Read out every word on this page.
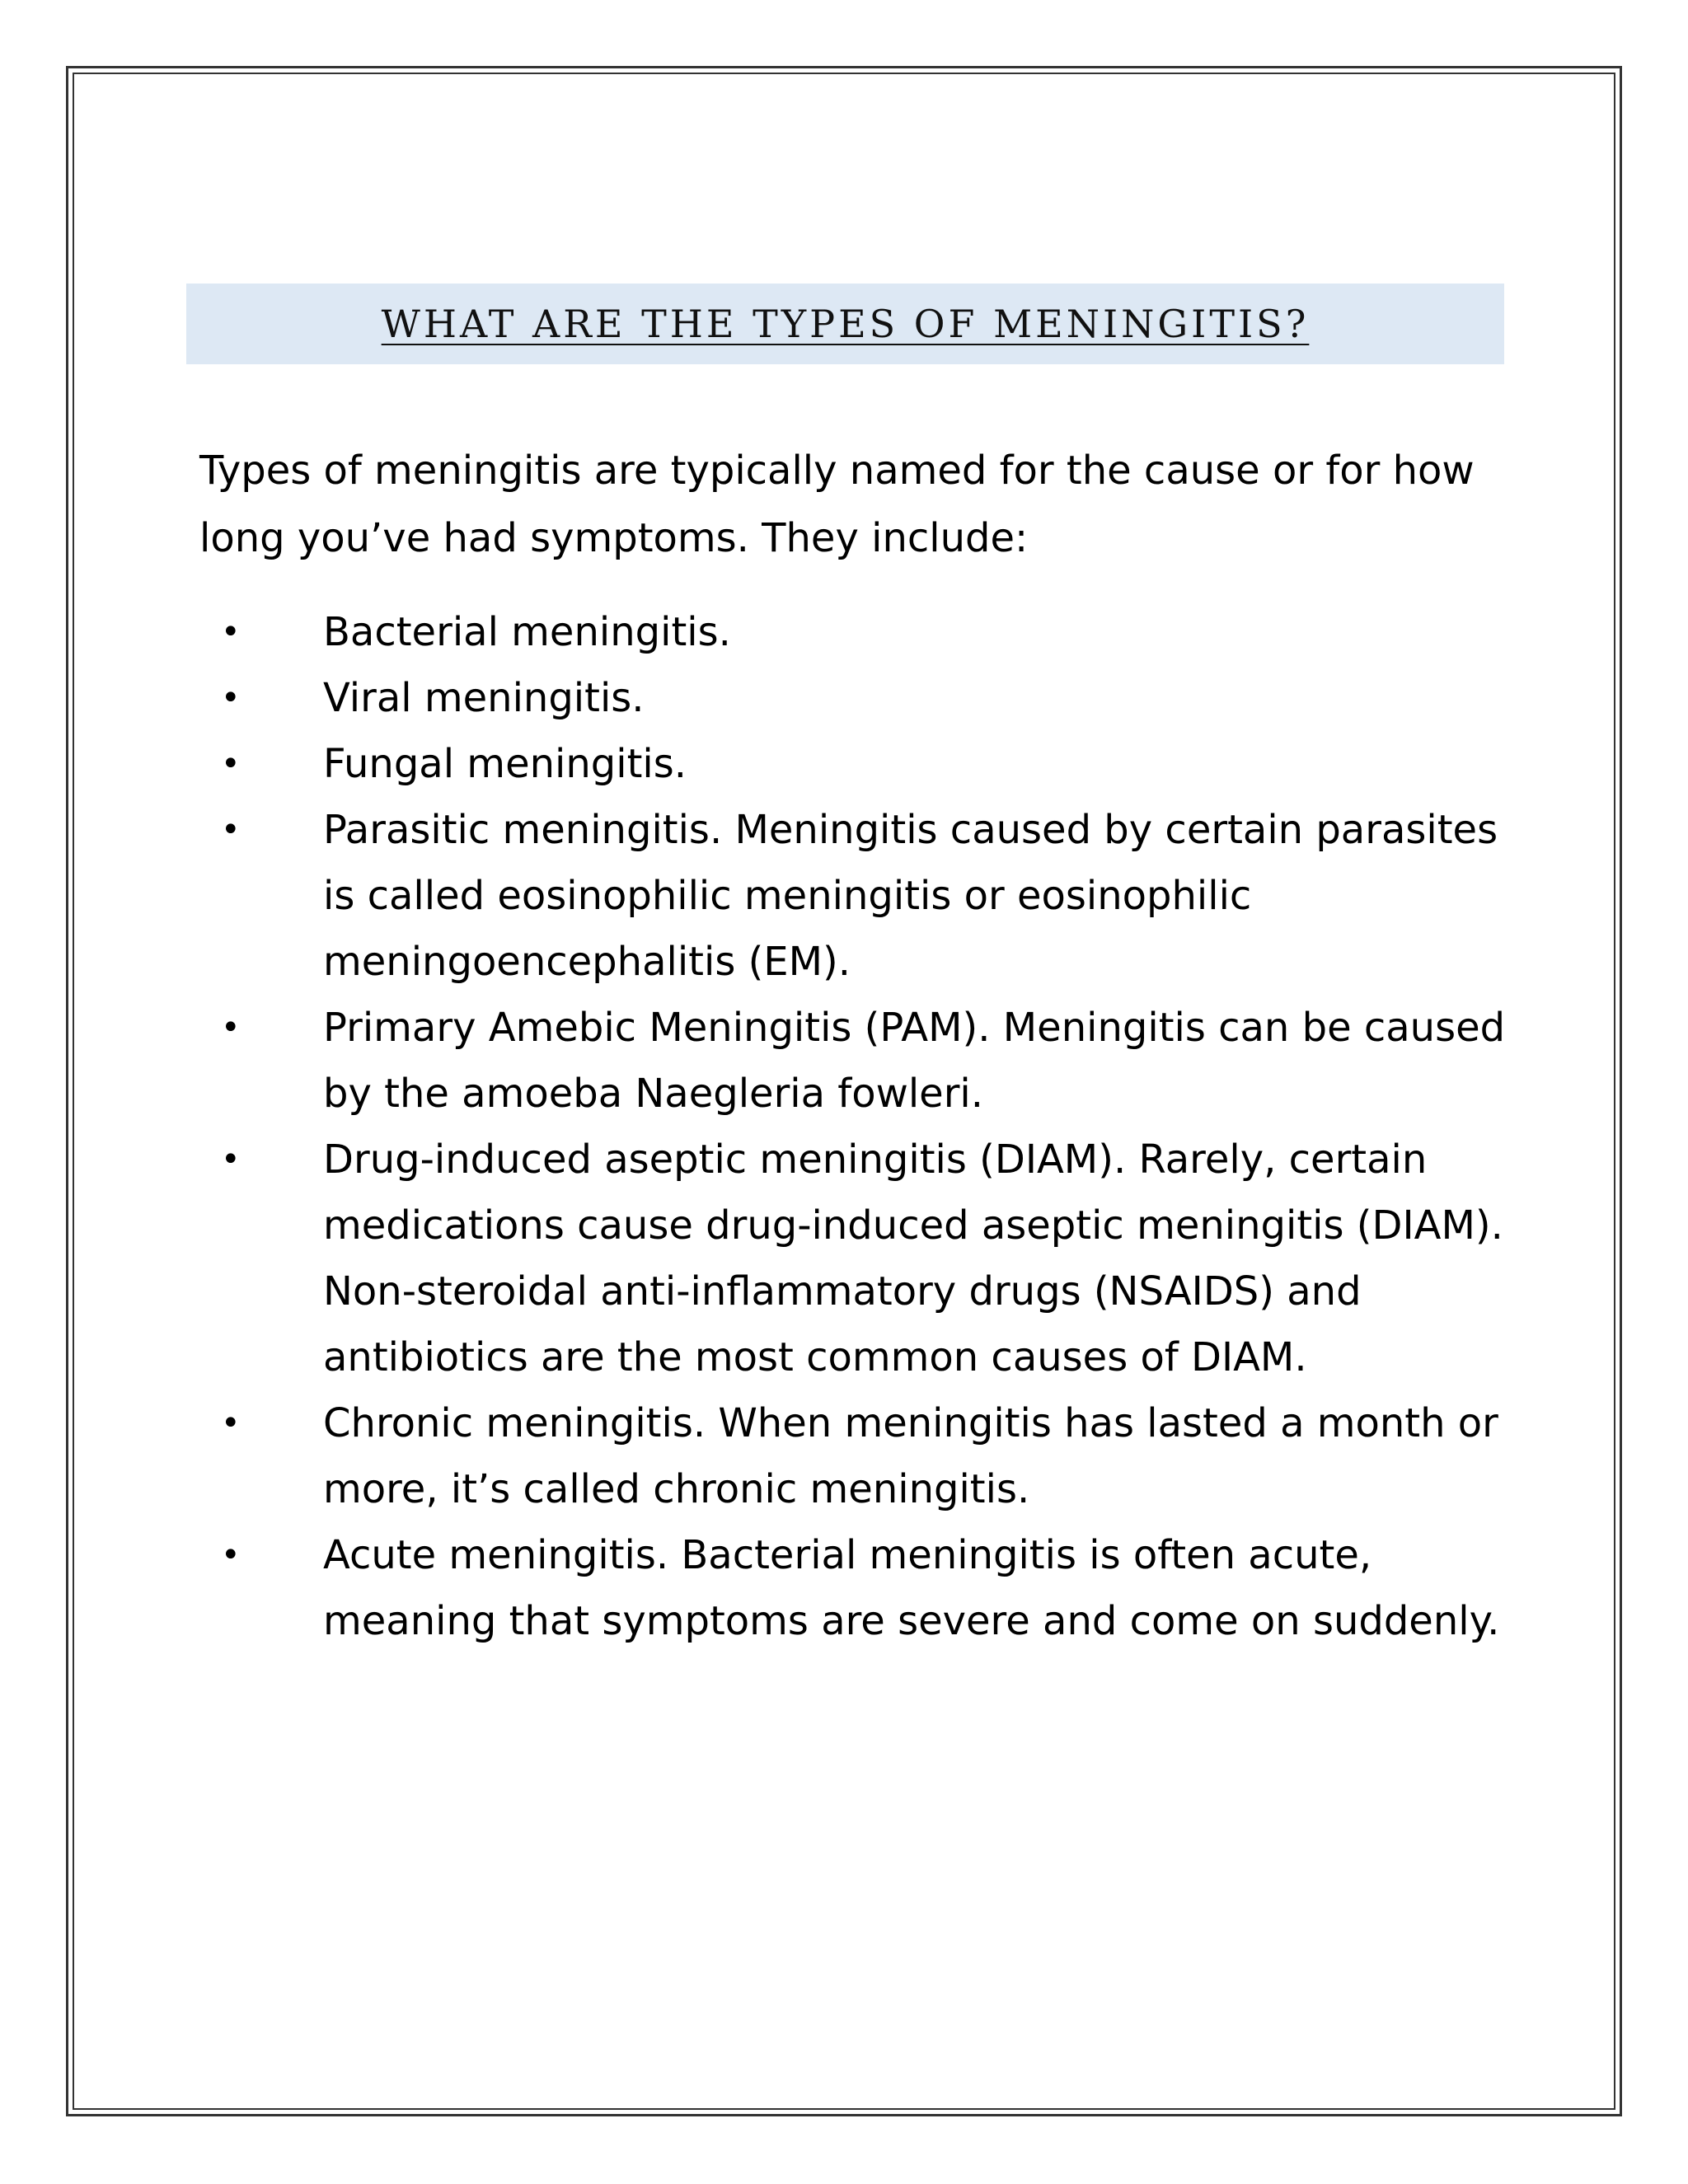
WHAT ARE THE TYPES OF MENINGITIS?

Types of meningitis are typically named for the cause or for how long you’ve had symptoms. They include:

• Bacterial meningitis.
• Viral meningitis.
• Fungal meningitis.
• Parasitic meningitis. Meningitis caused by certain parasites is called eosinophilic meningitis or eosinophilic meningoencephalitis (EM).
• Primary Amebic Meningitis (PAM). Meningitis can be caused by the amoeba Naegleria fowleri.
• Drug-induced aseptic meningitis (DIAM). Rarely, certain medications cause drug-induced aseptic meningitis (DIAM). Non-steroidal anti-inflammatory drugs (NSAIDS) and antibiotics are the most common causes of DIAM.
• Chronic meningitis. When meningitis has lasted a month or more, it’s called chronic meningitis.
• Acute meningitis. Bacterial meningitis is often acute, meaning that symptoms are severe and come on suddenly.
